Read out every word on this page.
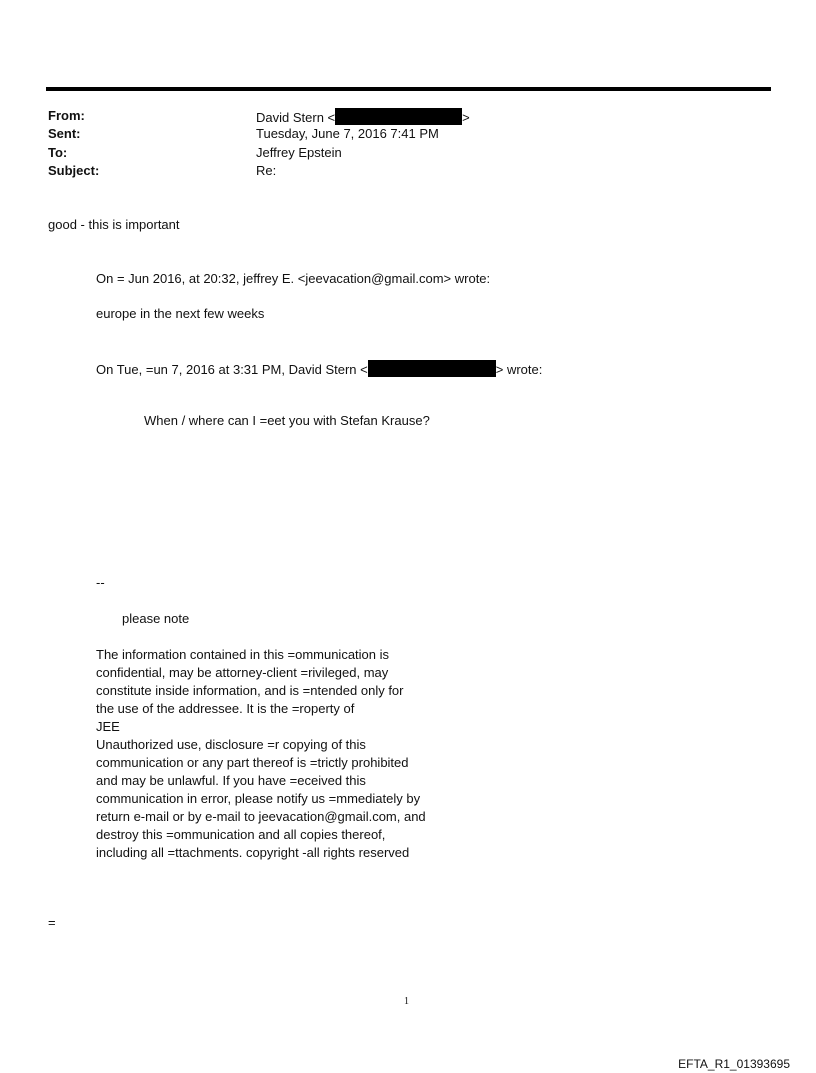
From:	David Stern <	>
Sent:	Tuesday, June 7, 2016 7:41 PM
To:	Jeffrey Epstein
Subject:	Re:
good - this is important
On = Jun 2016, at 20:32, jeffrey E. <jeevacation@gmail.com> wrote:
europe in the next few weeks
On Tue, =un 7, 2016 at 3:31 PM, David Stern <	> wrote:
When / where can I =eet you with Stefan Krause?
--
please note
The information contained in this =ommunication is
confidential, may be attorney-client =rivileged, may
constitute inside information, and is =ntended only for
the use of the addressee. It is the =roperty of
JEE
Unauthorized use, disclosure =r copying of this
communication or any part thereof is =trictly prohibited
and may be unlawful. If you have =eceived this
communication in error, please notify us =mmediately by
return e-mail or by e-mail to jeevacation@gmail.com, and
destroy this =ommunication and all copies thereof,
including all =ttachments. copyright -all rights reserved
=
1
EFTA_R1_01393695
